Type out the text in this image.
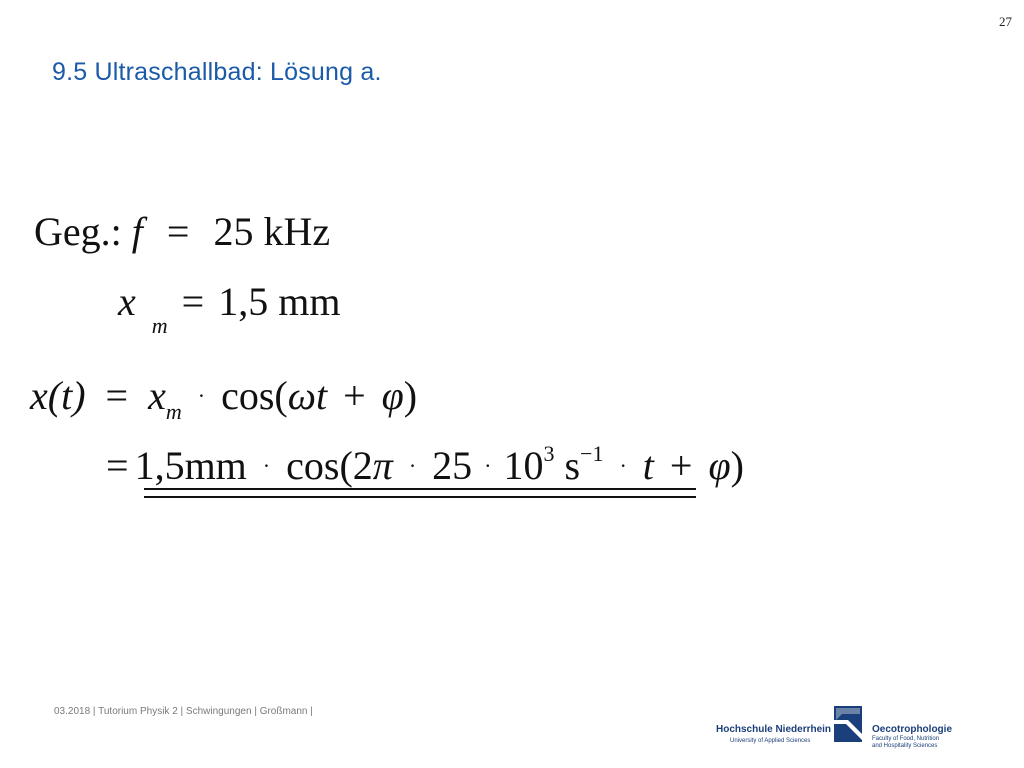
27
9.5 Ultraschallbad: Lösung a.
Geg.: f = 25 kHz
$x_m = 1,5$ mm
$x(t) = x_m \cdot \cos(\omega t + \varphi)$
= $1,5mm \cdot \cos(2\pi \cdot 25 \cdot 10^3$ $s^{-1} \cdot t + \varphi$)
03.2018 | Tutorium Physik 2 | Schwingungen | Großmann |
Hochschule Niederrhein
University of Applied Sciences
Oecotrophologie
Faculty of Food, Nutrition
and Hospitality Sciences
